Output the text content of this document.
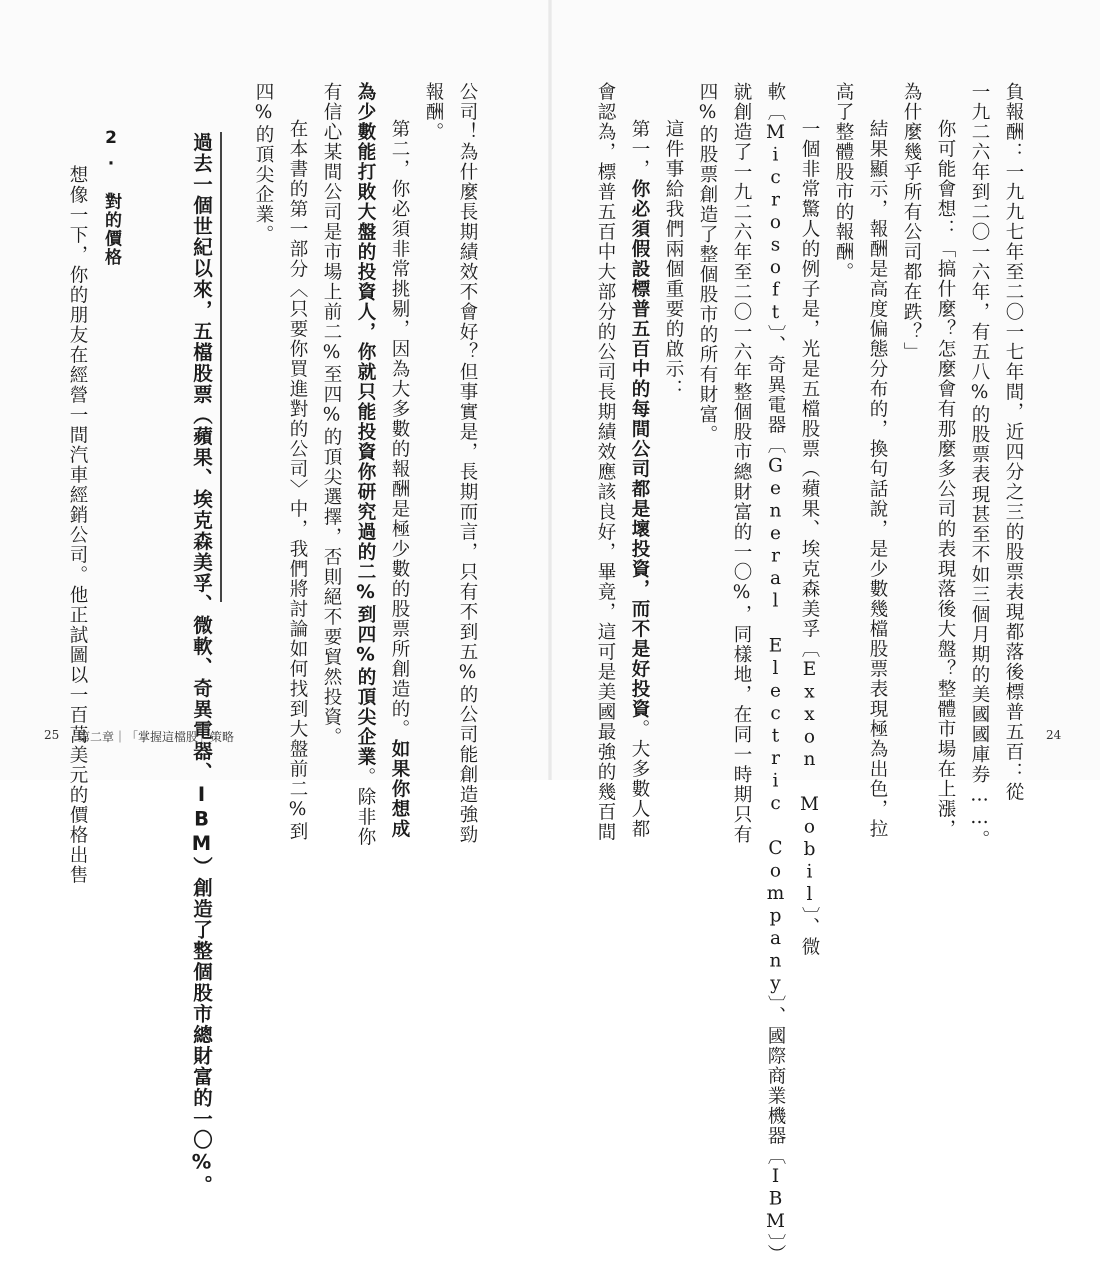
負報酬：一九九七年至二〇一七年間，近四分之三的股票表現都落後標普五百：從

一九二六年到二〇一六年，有五八%的股票表現甚至不如三個月期的美國國庫券……。

你可能會想：「搞什麼？怎麼會有那麼多公司的表現落後大盤？整體市場在上漲，

為什麼幾乎所有公司都在跌？」

結果顯示，報酬是高度偏態分布的，換句話說，是少數幾檔股票表現極為出色，拉

高了整體股市的報酬。

一個非常驚人的例子是，光是五檔股票（蘋果、埃克森美孚〔Exxon Mobil〕、微

軟〔Microsoft〕、奇異電器〔General Electric Company〕、國際商業機器〔IBM〕）

就創造了一九二六年至二〇一六年整個股市總財富的一〇%，同樣地，在同一時期只有

四%的股票創造了整個股市的所有財富。

這件事給我們兩個重要的啟示：

第一，你必須假設標普五百中的每間公司都是壞投資，而不是好投資。大多數人都

會認為，標普五百中大部分的公司長期績效應該良好，畢竟，這可是美國最強的幾百間

公司！為什麼長期績效不會好？但事實是，長期而言，只有不到五%的公司能創造強勁

報酬。

第二，你必須非常挑剔，因為大多數的報酬是極少數的股票所創造的。如果你想成

為少數能打敗大盤的投資人，你就只能投資你研究過的二%到四%的頂尖企業。除非你

有信心某間公司是市場上前二%至四%的頂尖選擇，否則絕不要貿然投資。

在本書的第一部分〈只要你買進對的公司〉中，我們將討論如何找到大盤前二%到

四%的頂尖企業。

過去一個世紀以來，五檔股票（蘋果、埃克森美孚、微軟、奇異電器、IBM）創造了整個股市總財富的一〇%。

2. 對的價格

想像一下，你的朋友在經營一間汽車經銷公司。他正試圖以一百萬美元的價格出售

25 第二章｜「掌握這檔股」策略	24
